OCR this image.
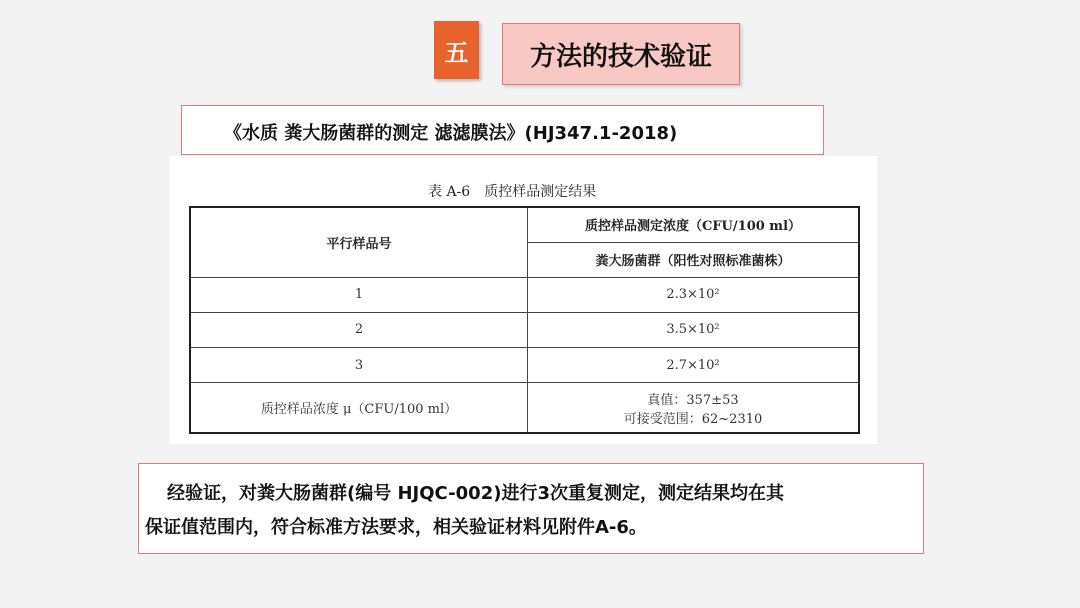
五	方法的技术验证
《水质 粪大肠菌群的测定 滤滤膜法》(HJ347.1-2018)
表 A-6　质控样品测定结果
平行样品号	质控样品测定浓度（CFU/100 ml）
	粪大肠菌群（阳性对照标准菌株）
1	2.3×10²
2	3.5×10²
3	2.7×10²
质控样品浓度 μ（CFU/100 ml）	真值：357±53
可接受范围：62~2310
经验证，对粪大肠菌群(编号 HJQC-002)进行3次重复测定，测定结果均在其
保证值范围内，符合标准方法要求，相关验证材料见附件A-6。
